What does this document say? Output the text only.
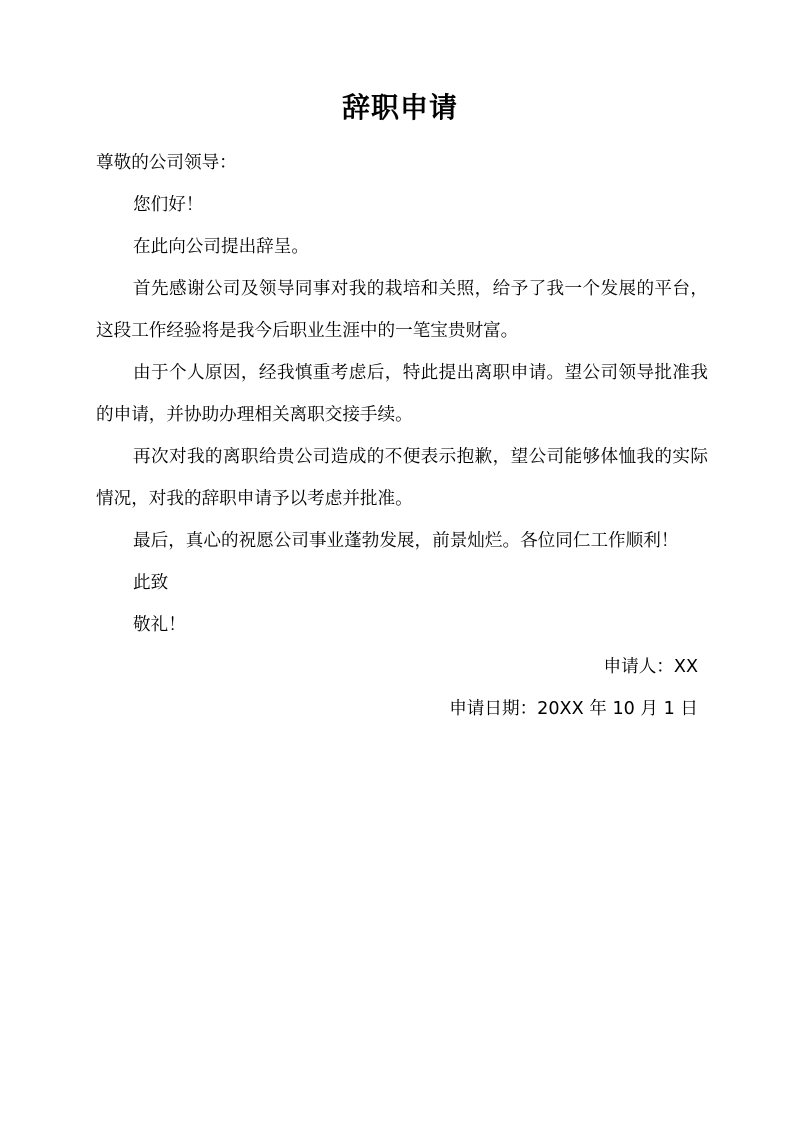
辞职申请

尊敬的公司领导：

您们好！

在此向公司提出辞呈。

首先感谢公司及领导同事对我的栽培和关照，给予了我一个发展的平台，这段工作经验将是我今后职业生涯中的一笔宝贵财富。

由于个人原因，经我慎重考虑后，特此提出离职申请。望公司领导批准我的申请，并协助办理相关离职交接手续。

再次对我的离职给贵公司造成的不便表示抱歉，望公司能够体恤我的实际情况，对我的辞职申请予以考虑并批准。

最后，真心的祝愿公司事业蓬勃发展，前景灿烂。各位同仁工作顺利！

此致

敬礼！

申请人：XX

申请日期：20XX 年 10 月 1 日
